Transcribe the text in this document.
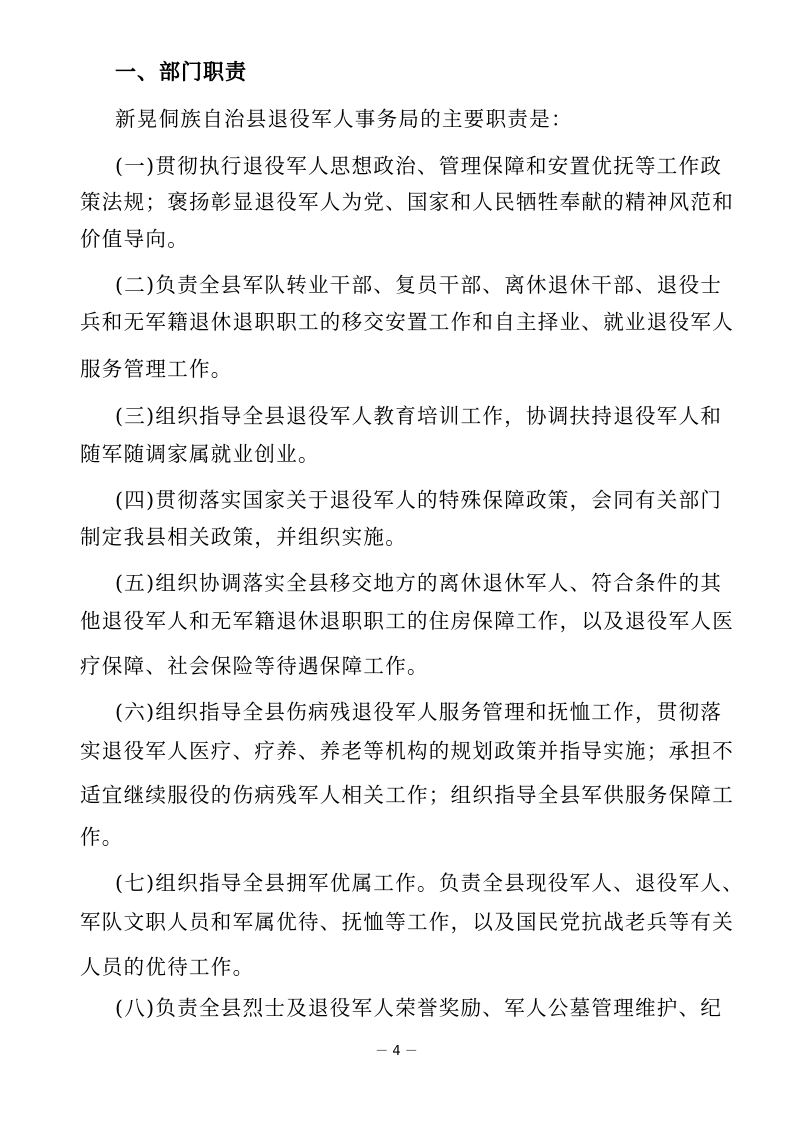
一、部门职责
新晃侗族自治县退役军人事务局的主要职责是：
(一)贯彻执行退役军人思想政治、管理保障和安置优抚等工作政
策法规；褒扬彰显退役军人为党、国家和人民牺牲奉献的精神风范和
价值导向。
(二)负责全县军队转业干部、复员干部、离休退休干部、退役士
兵和无军籍退休退职职工的移交安置工作和自主择业、就业退役军人
服务管理工作。
(三)组织指导全县退役军人教育培训工作，协调扶持退役军人和
随军随调家属就业创业。
(四)贯彻落实国家关于退役军人的特殊保障政策，会同有关部门
制定我县相关政策，并组织实施。
(五)组织协调落实全县移交地方的离休退休军人、符合条件的其
他退役军人和无军籍退休退职职工的住房保障工作，以及退役军人医
疗保障、社会保险等待遇保障工作。
(六)组织指导全县伤病残退役军人服务管理和抚恤工作，贯彻落
实退役军人医疗、疗养、养老等机构的规划政策并指导实施；承担不
适宜继续服役的伤病残军人相关工作；组织指导全县军供服务保障工
作。
(七)组织指导全县拥军优属工作。负责全县现役军人、退役军人、
军队文职人员和军属优待、抚恤等工作，以及国民党抗战老兵等有关
人员的优待工作。
(八)负责全县烈士及退役军人荣誉奖励、军人公墓管理维护、纪
－ 4 －
